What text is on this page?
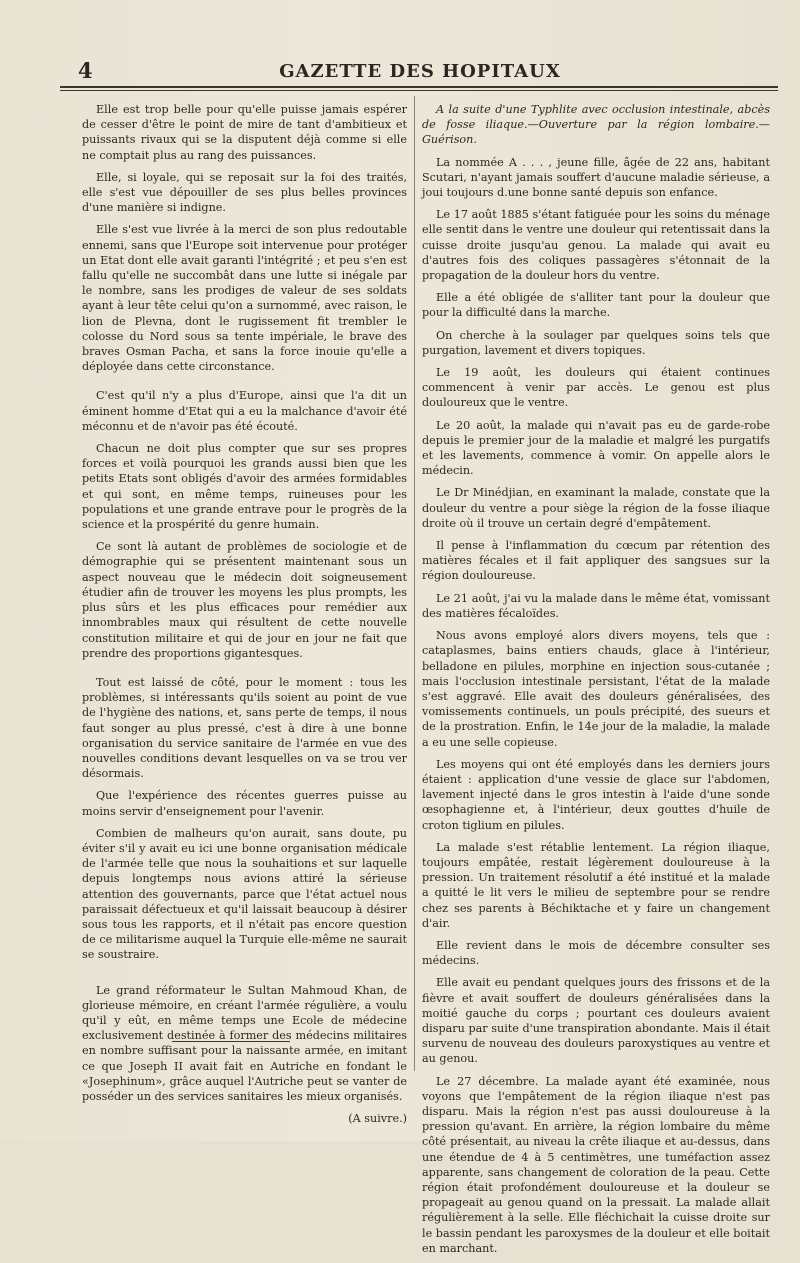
4	GAZETTE DES HOPITAUX

Elle est trop belle pour qu'elle puisse jamais espérer de cesser d'être le point de mire de tant d'ambitieux et puissants rivaux qui se la disputent déjà comme si elle ne comptait plus au rang des puissances.

Elle, si loyale, qui se reposait sur la foi des traités, elle s'est vue dépouiller de ses plus belles provinces d'une manière si indigne.

Elle s'est vue livrée à la merci de son plus redoutable ennemi, sans que l'Europe soit intervenue pour protéger un Etat dont elle avait garanti l'intégrité ; et peu s'en est fallu qu'elle ne succombât dans une lutte si inégale par le nombre, sans les prodiges de valeur de ses soldats ayant à leur tête celui qu'on a surnommé, avec raison, le lion de Plevna, dont le rugissement fit trembler le colosse du Nord sous sa tente impériale, le brave des braves Osman Pacha, et sans la force inouie qu'elle a déployée dans cette circonstance.

C'est qu'il n'y a plus d'Europe, ainsi que l'a dit un éminent homme d'Etat qui a eu la malchance d'avoir été méconnu et de n'avoir pas été écouté.

Chacun ne doit plus compter que sur ses propres forces et voilà pourquoi les grands aussi bien que les petits Etats sont obligés d'avoir des armées formidables et qui sont, en même temps, ruineuses pour les populations et une grande entrave pour le progrès de la science et la prospérité du genre humain.

Ce sont là autant de problèmes de sociologie et de démographie qui se présentent maintenant sous un aspect nouveau que le médecin doit soigneusement étudier afin de trouver les moyens les plus prompts, les plus sûrs et les plus efficaces pour remédier aux innombrables maux qui résultent de cette nouvelle constitution militaire et qui de jour en jour ne fait que prendre des proportions gigantesques.

Tout est laissé de côté, pour le moment : tous les problèmes, si intéressants qu'ils soient au point de vue de l'hygiène des nations, et, sans perte de temps, il nous faut songer au plus pressé, c'est à dire à une bonne organisation du service sanitaire de l'armée en vue des nouvelles conditions devant lesquelles on va se trou ver désormais.

Que l'expérience des récentes guerres puisse au moins servir d'enseignement pour l'avenir.

Combien de malheurs qu'on aurait, sans doute, pu éviter s'il y avait eu ici une bonne organisation médicale de l'armée telle que nous la souhaitions et sur laquelle depuis longtemps nous avions attiré la sérieuse attention des gouvernants, parce que l'état actuel nous paraissait défectueux et qu'il laissait beaucoup à désirer sous tous les rapports, et il n'était pas encore question de ce militarisme auquel la Turquie elle-même ne saurait se soustraire.

Le grand réformateur le Sultan Mahmoud Khan, de glorieuse mémoire, en créant l'armée régulière, a voulu qu'il y eût, en même temps une Ecole de médecine exclusivement destinée à former des médecins militaires en nombre suffisant pour la naissante armée, en imitant ce que Joseph II avait fait en Autriche en fondant le «Josephinum», grâce auquel l'Autriche peut se vanter de posséder un des services sanitaires les mieux organisés.

(A suivre.)

A la suite d'une Typhlite avec occlusion intestinale, abcès de fosse iliaque.—Ouverture par la région lombaire.—Guérison.

La nommée A . . . , jeune fille, âgée de 22 ans, habitant Scutari, n'ayant jamais souffert d'aucune maladie sérieuse, a joui toujours d.une bonne santé depuis son enfance.

Le 17 août 1885 s'étant fatiguée pour les soins du ménage elle sentit dans le ventre une douleur qui retentissait dans la cuisse droite jusqu'au genou. La malade qui avait eu d'autres fois des coliques passagères s'étonnait de la propagation de la douleur hors du ventre.

Elle a été obligée de s'alliter tant pour la douleur que pour la difficulté dans la marche.

On cherche à la soulager par quelques soins tels que purgation, lavement et divers topiques.

Le 19 août, les douleurs qui étaient continues commencent à venir par accès. Le genou est plus douloureux que le ventre.

Le 20 août, la malade qui n'avait pas eu de garde-robe depuis le premier jour de la maladie et malgré les purgatifs et les lavements, commence à vomir. On appelle alors le médecin.

Le Dr Minédjian, en examinant la malade, constate que la douleur du ventre a pour siège la région de la fosse iliaque droite où il trouve un certain degré d'empâtement.

Il pense à l'inflammation du cœcum par rétention des matières fécales et il fait appliquer des sangsues sur la région douloureuse.

Le 21 août, j'ai vu la malade dans le même état, vomissant des matières fécaloïdes.

Nous avons employé alors divers moyens, tels que : cataplasmes, bains entiers chauds, glace à l'intérieur, belladone en pilules, morphine en injection sous-cutanée ; mais l'occlusion intestinale persistant, l'état de la malade s'est aggravé. Elle avait des douleurs généralisées, des vomissements continuels, un pouls précipité, des sueurs et de la prostration. Enfin, le 14e jour de la maladie, la malade a eu une selle copieuse.

Les moyens qui ont été employés dans les derniers jours étaient : application d'une vessie de glace sur l'abdomen, lavement injecté dans le gros intestin à l'aide d'une sonde œsophagienne et, à l'intérieur, deux gouttes d'huile de croton tiglium en pilules.

La malade s'est rétablie lentement. La région iliaque, toujours empâtée, restait légèrement douloureuse à la pression. Un traitement résolutif a été institué et la malade a quitté le lit vers le milieu de septembre pour se rendre chez ses parents à Béchiktache et y faire un changement d'air.

Elle revient dans le mois de décembre consulter ses médecins.

Elle avait eu pendant quelques jours des frissons et de la fièvre et avait souffert de douleurs généralisées dans la moitié gauche du corps ; pourtant ces douleurs avaient disparu par suite d'une transpiration abondante. Mais il était survenu de nouveau des douleurs paroxystiques au ventre et au genou.

Le 27 décembre. La malade ayant été examinée, nous voyons que l'empâtement de la région iliaque n'est pas disparu. Mais la région n'est pas aussi douloureuse à la pression qu'avant. En arrière, la région lombaire du même côté présentait, au niveau la crête iliaque et au-dessus, dans une étendue de 4 à 5 centimètres, une tuméfaction assez apparente, sans changement de coloration de la peau. Cette région était profondément douloureuse et la douleur se propageait au genou quand on la pressait. La malade allait régulièrement à la selle. Elle fléchichait la cuisse droite sur le bassin pendant les paroxysmes de la douleur et elle boitait en marchant.
